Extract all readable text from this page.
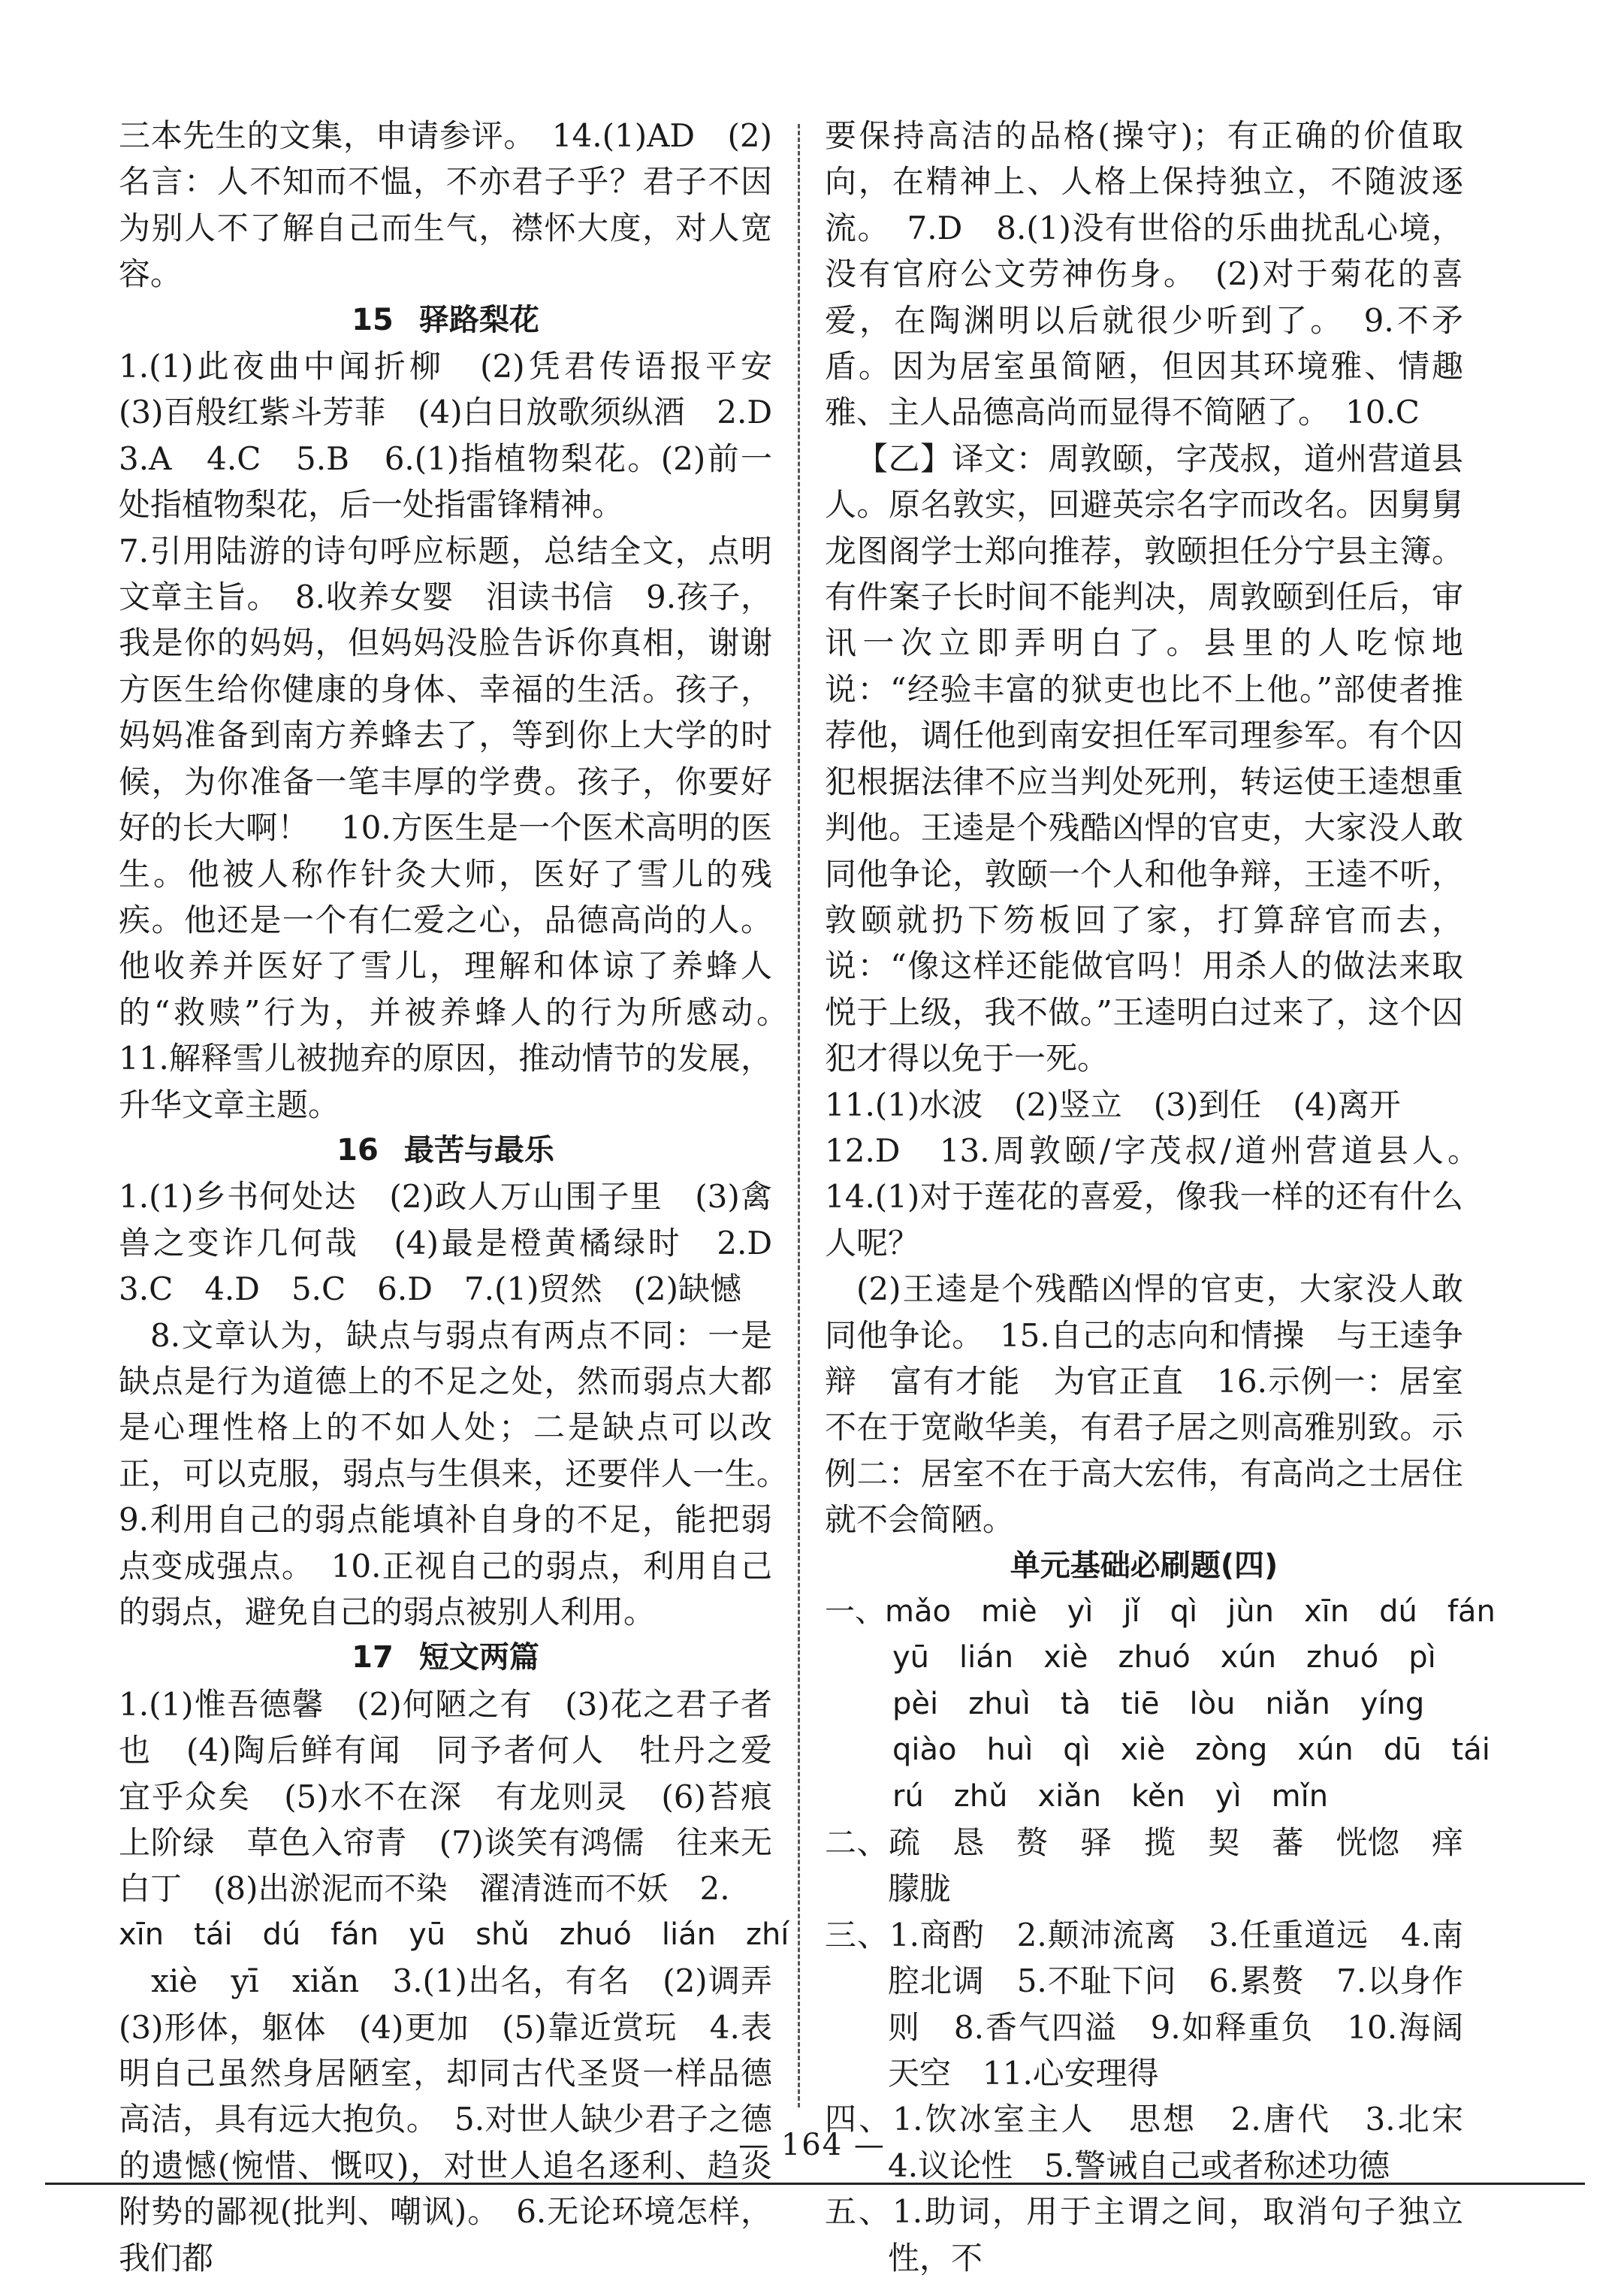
三本先生的文集，申请参评。　14.(1)AD　(2)名言：人不知而不愠，不亦君子乎？君子不因为别人不了解自己而生气，襟怀大度，对人宽容。

15 驿路梨花

1.(1)此夜曲中闻折柳　(2)凭君传语报平安　(3)百般红紫斗芳菲　(4)白日放歌须纵酒　2.D　3.A　4.C　5.B　6.(1)指植物梨花。(2)前一处指植物梨花，后一处指雷锋精神。

7.引用陆游的诗句呼应标题，总结全文，点明文章主旨。　8.收养女婴　泪读书信　9.孩子，我是你的妈妈，但妈妈没脸告诉你真相，谢谢方医生给你健康的身体、幸福的生活。孩子，妈妈准备到南方养蜂去了，等到你上大学的时候，为你准备一笔丰厚的学费。孩子，你要好好的长大啊！　10.方医生是一个医术高明的医生。他被人称作针灸大师，医好了雪儿的残疾。他还是一个有仁爱之心，品德高尚的人。他收养并医好了雪儿，理解和体谅了养蜂人的“救赎”行为，并被养蜂人的行为所感动。　11.解释雪儿被抛弃的原因，推动情节的发展，升华文章主题。

16 最苦与最乐

1.(1)乡书何处达　(2)政人万山围子里　(3)禽兽之变诈几何哉　(4)最是橙黄橘绿时　2.D　3.C　4.D　5.C　6.D　7.(1)贸然　(2)缺憾

8.文章认为，缺点与弱点有两点不同：一是缺点是行为道德上的不足之处，然而弱点大都是心理性格上的不如人处；二是缺点可以改正，可以克服，弱点与生俱来，还要伴人一生。　9.利用自己的弱点能填补自身的不足，能把弱点变成强点。　10.正视自己的弱点，利用自己的弱点，避免自己的弱点被别人利用。

17 短文两篇

1.(1)惟吾德馨　(2)何陋之有　(3)花之君子者也　(4)陶后鲜有闻　同予者何人　牡丹之爱　宜乎众矣　(5)水不在深　有龙则灵　(6)苔痕上阶绿　草色入帘青　(7)谈笑有鸿儒　往来无白丁　(8)出淤泥而不染　濯清涟而不妖　2.

xīn　tái　dú　fán　yū　shǔ　zhuó　lián　zhí

　xiè　yī　xiǎn　3.(1)出名，有名　(2)调弄(3)形体，躯体　(4)更加　(5)靠近赏玩　4.表明自己虽然身居陋室，却同古代圣贤一样品德高洁，具有远大抱负。　5.对世人缺少君子之德的遗憾(惋惜、慨叹)，对世人追名逐利、趋炎附势的鄙视(批判、嘲讽)。　6.无论环境怎样，我们都

要保持高洁的品格(操守)；有正确的价值取向，在精神上、人格上保持独立，不随波逐流。　7.D　8.(1)没有世俗的乐曲扰乱心境，没有官府公文劳神伤身。　(2)对于菊花的喜爱，在陶渊明以后就很少听到了。　9.不矛盾。因为居室虽简陋，但因其环境雅、情趣雅、主人品德高尚而显得不简陋了。　10.C

【乙】译文：周敦颐，字茂叔，道州营道县人。原名敦实，回避英宗名字而改名。因舅舅龙图阁学士郑向推荐，敦颐担任分宁县主簿。有件案子长时间不能判决，周敦颐到任后，审讯一次立即弄明白了。县里的人吃惊地说：“经验丰富的狱吏也比不上他。”部使者推荐他，调任他到南安担任军司理参军。有个囚犯根据法律不应当判处死刑，转运使王逵想重判他。王逵是个残酷凶悍的官吏，大家没人敢同他争论，敦颐一个人和他争辩，王逵不听，敦颐就扔下笏板回了家，打算辞官而去，说：“像这样还能做官吗！用杀人的做法来取悦于上级，我不做。”王逵明白过来了，这个囚犯才得以免于一死。

11.(1)水波　(2)竖立　(3)到任　(4)离开

12.D　13.周敦颐/字茂叔/道州营道县人。　14.(1)对于莲花的喜爱，像我一样的还有什么人呢？

(2)王逵是个残酷凶悍的官吏，大家没人敢同他争论。　15.自己的志向和情操　与王逵争辩　富有才能　为官正直　16.示例一：居室不在于宽敞华美，有君子居之则高雅别致。示例二：居室不在于高大宏伟，有高尚之士居住就不会简陋。

单元基础必刷题(四)

一、mǎo　miè　yì　jǐ　qì　jùn　xīn　dú　fán

yū　lián　xiè　zhuó　xún　zhuó　pì

pèi　zhuì　tà　tiē　lòu　niǎn　yíng

qiào　huì　qì　xiè　zòng　xún　dū　tái

rú　zhǔ　xiǎn　kěn　yì　mǐn

二、疏　恳　赘　驿　揽　契　蕃　恍惚　痒　朦胧

三、1.商酌　2.颠沛流离　3.任重道远　4.南腔北调　5.不耻下问　6.累赘　7.以身作则　8.香气四溢　9.如释重负　10.海阔天空　11.心安理得

四、1.饮冰室主人　思想　2.唐代　3.北宋　4.议论性　5.警诫自己或者称述功德

五、1.助词，用于主谓之间，取消句子独立性，不

— 164 —
